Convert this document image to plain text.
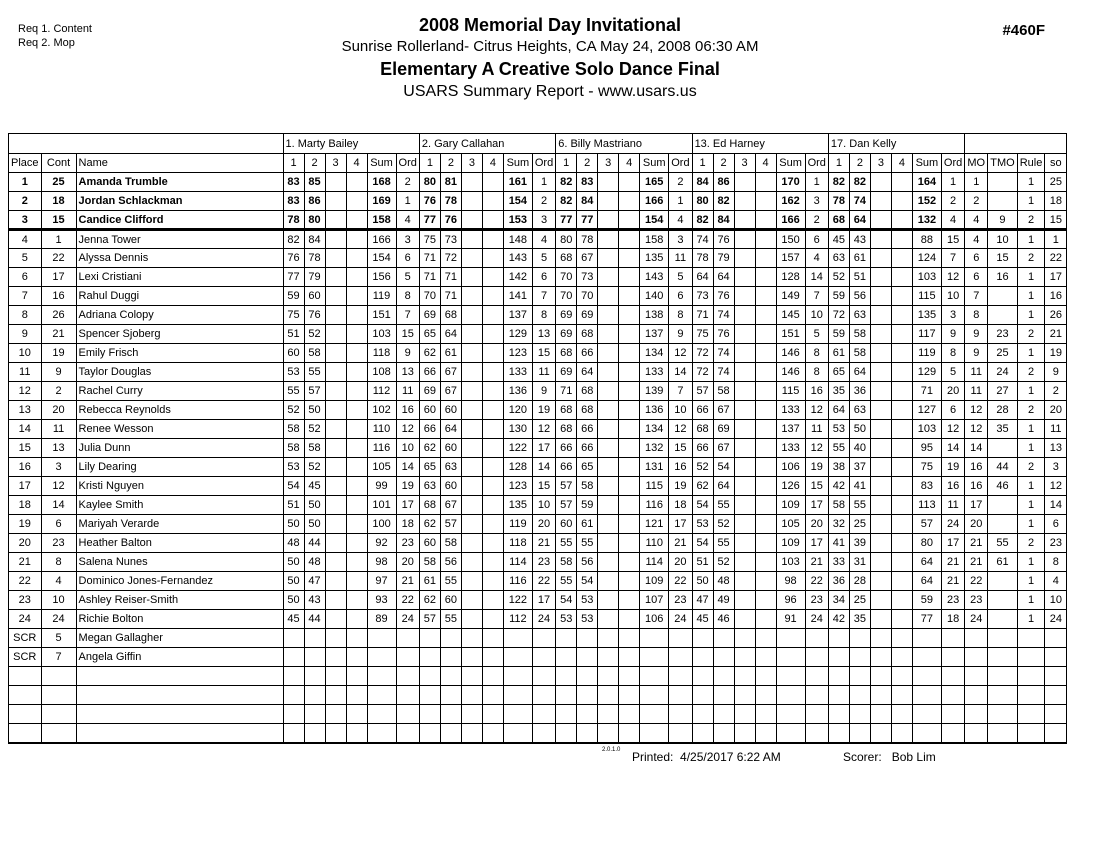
Req 1. Content
Req 2. Mop
2008 Memorial Day Invitational
Sunrise Rollerland- Citrus Heights, CA May 24, 2008 06:30 AM
Elementary A Creative Solo Dance Final
USARS Summary Report - www.usars.us
#460F
			1. Marty Bailey						2. Gary Callahan						6. Billy Mastriano						13. Ed Harney						17. Dan Kelly									
Place	Cont	Name	1	2	3	4	Sum	Ord	1	2	3	4	Sum	Ord	1	2	3	4	Sum	Ord	1	2	3	4	Sum	Ord	1	2	3	4	Sum	Ord	MO	TMO	Rule	so
1	25	Amanda Trumble	83	85			168	2	80	81			161	1	82	83			165	2	84	86			170	1	82	82			164	1	1		1	25
2	18	Jordan Schlackman	83	86			169	1	76	78			154	2	82	84			166	1	80	82			162	3	78	74			152	2	2		1	18
3	15	Candice Clifford	78	80			158	4	77	76			153	3	77	77			154	4	82	84			166	2	68	64			132	4	4	9	2	15
4	1	Jenna Tower	82	84			166	3	75	73			148	4	80	78			158	3	74	76			150	6	45	43			88	15	4	10	1	1
5	22	Alyssa Dennis	76	78			154	6	71	72			143	5	68	67			135	11	78	79			157	4	63	61			124	7	6	15	2	22
6	17	Lexi Cristiani	77	79			156	5	71	71			142	6	70	73			143	5	64	64			128	14	52	51			103	12	6	16	1	17
7	16	Rahul Duggi	59	60			119	8	70	71			141	7	70	70			140	6	73	76			149	7	59	56			115	10	7		1	16
8	26	Adriana Colopy	75	76			151	7	69	68			137	8	69	69			138	8	71	74			145	10	72	63			135	3	8		1	26
9	21	Spencer Sjoberg	51	52			103	15	65	64			129	13	69	68			137	9	75	76			151	5	59	58			117	9	9	23	2	21
10	19	Emily Frisch	60	58			118	9	62	61			123	15	68	66			134	12	72	74			146	8	61	58			119	8	9	25	1	19
11	9	Taylor Douglas	53	55			108	13	66	67			133	11	69	64			133	14	72	74			146	8	65	64			129	5	11	24	2	9
12	2	Rachel Curry	55	57			112	11	69	67			136	9	71	68			139	7	57	58			115	16	35	36			71	20	11	27	1	2
13	20	Rebecca Reynolds	52	50			102	16	60	60			120	19	68	68			136	10	66	67			133	12	64	63			127	6	12	28	2	20
14	11	Renee Wesson	58	52			110	12	66	64			130	12	68	66			134	12	68	69			137	11	53	50			103	12	12	35	1	11
15	13	Julia Dunn	58	58			116	10	62	60			122	17	66	66			132	15	66	67			133	12	55	40			95	14	14		1	13
16	3	Lily Dearing	53	52			105	14	65	63			128	14	66	65			131	16	52	54			106	19	38	37			75	19	16	44	2	3
17	12	Kristi Nguyen	54	45			99	19	63	60			123	15	57	58			115	19	62	64			126	15	42	41			83	16	16	46	1	12
18	14	Kaylee Smith	51	50			101	17	68	67			135	10	57	59			116	18	54	55			109	17	58	55			113	11	17		1	14
19	6	Mariyah Verarde	50	50			100	18	62	57			119	20	60	61			121	17	53	52			105	20	32	25			57	24	20		1	6
20	23	Heather Balton	48	44			92	23	60	58			118	21	55	55			110	21	54	55			109	17	41	39			80	17	21	55	2	23
21	8	Salena Nunes	50	48			98	20	58	56			114	23	58	56			114	20	51	52			103	21	33	31			64	21	21	61	1	8
22	4	Dominico Jones-Fernandez	50	47			97	21	61	55			116	22	55	54			109	22	50	48			98	22	36	28			64	21	22		1	4
23	10	Ashley Reiser-Smith	50	43			93	22	62	60			122	17	54	53			107	23	47	49			96	23	34	25			59	23	23		1	10
24	24	Richie Bolton	45	44			89	24	57	55			112	24	53	53			106	24	45	46			91	24	42	35			77	18	24		1	24
SCR	5	Megan Gallagher																																		
SCR	7	Angela Giffin																																		

2.0.1.0 Printed: 4/25/2017 6:22 AM	Scorer: Bob Lim
